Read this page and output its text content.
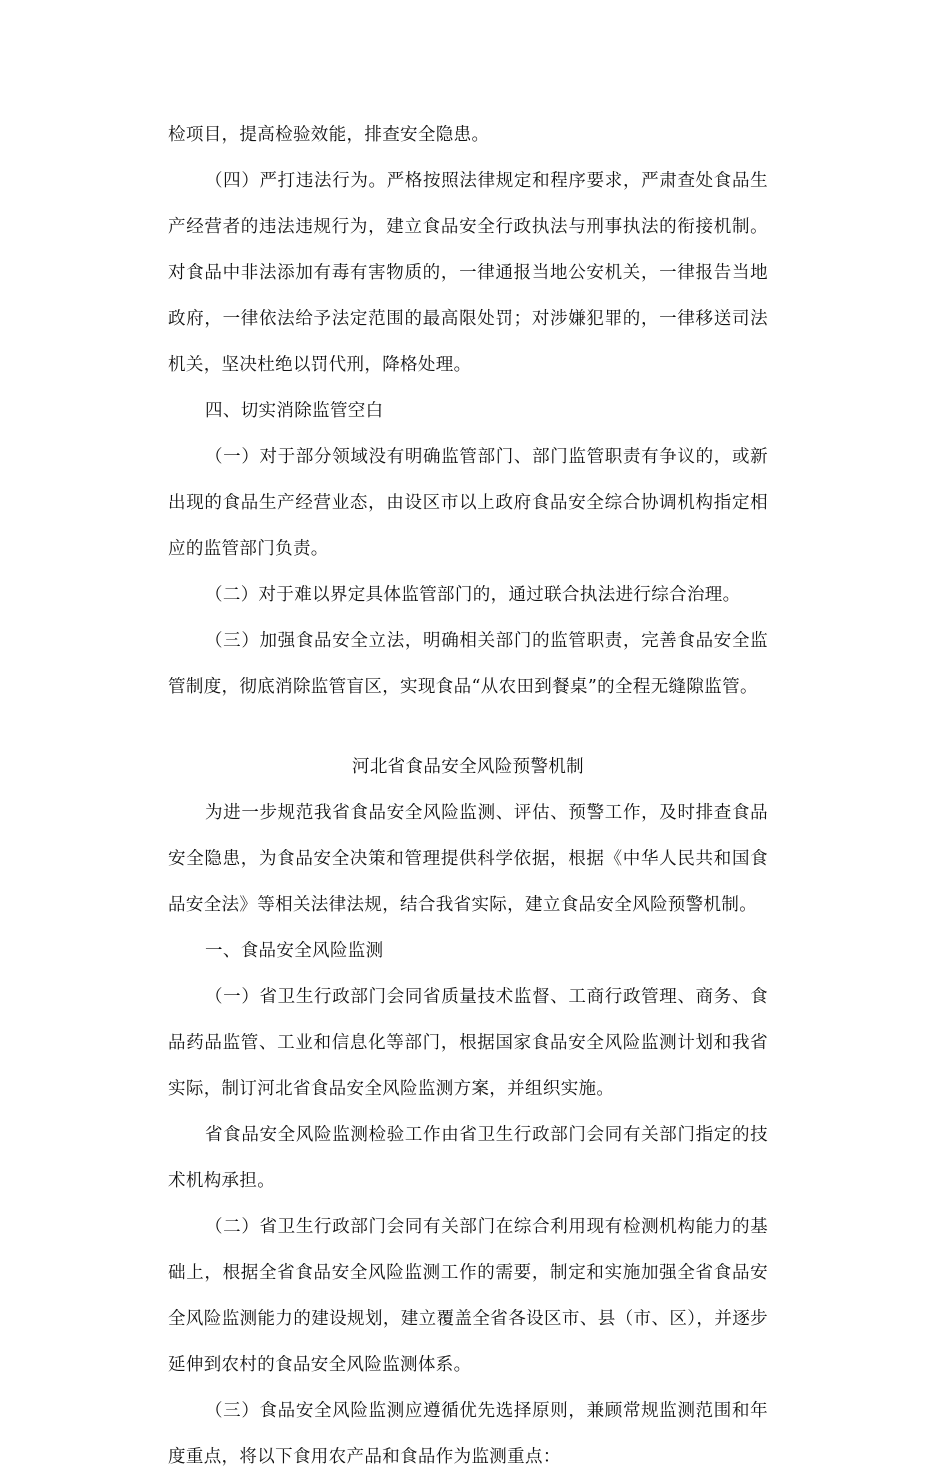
检项目，提高检验效能，排查安全隐患。

（四）严打违法行为。严格按照法律规定和程序要求，严肃查处食品生产经营者的违法违规行为，建立食品安全行政执法与刑事执法的衔接机制。对食品中非法添加有毒有害物质的，一律通报当地公安机关，一律报告当地政府，一律依法给予法定范围的最高限处罚；对涉嫌犯罪的，一律移送司法机关，坚决杜绝以罚代刑，降格处理。

四、切实消除监管空白

（一）对于部分领域没有明确监管部门、部门监管职责有争议的，或新出现的食品生产经营业态，由设区市以上政府食品安全综合协调机构指定相应的监管部门负责。

（二）对于难以界定具体监管部门的，通过联合执法进行综合治理。

（三）加强食品安全立法，明确相关部门的监管职责，完善食品安全监管制度，彻底消除监管盲区，实现食品“从农田到餐桌”的全程无缝隙监管。

河北省食品安全风险预警机制

为进一步规范我省食品安全风险监测、评估、预警工作，及时排查食品安全隐患，为食品安全决策和管理提供科学依据，根据《中华人民共和国食品安全法》等相关法律法规，结合我省实际，建立食品安全风险预警机制。

一、食品安全风险监测

（一）省卫生行政部门会同省质量技术监督、工商行政管理、商务、食品药品监管、工业和信息化等部门，根据国家食品安全风险监测计划和我省实际，制订河北省食品安全风险监测方案，并组织实施。

省食品安全风险监测检验工作由省卫生行政部门会同有关部门指定的技术机构承担。

（二）省卫生行政部门会同有关部门在综合利用现有检测机构能力的基础上，根据全省食品安全风险监测工作的需要，制定和实施加强全省食品安全风险监测能力的建设规划，建立覆盖全省各设区市、县（市、区），并逐步延伸到农村的食品安全风险监测体系。

（三）食品安全风险监测应遵循优先选择原则，兼顾常规监测范围和年度重点，将以下食用农产品和食品作为监测重点：
